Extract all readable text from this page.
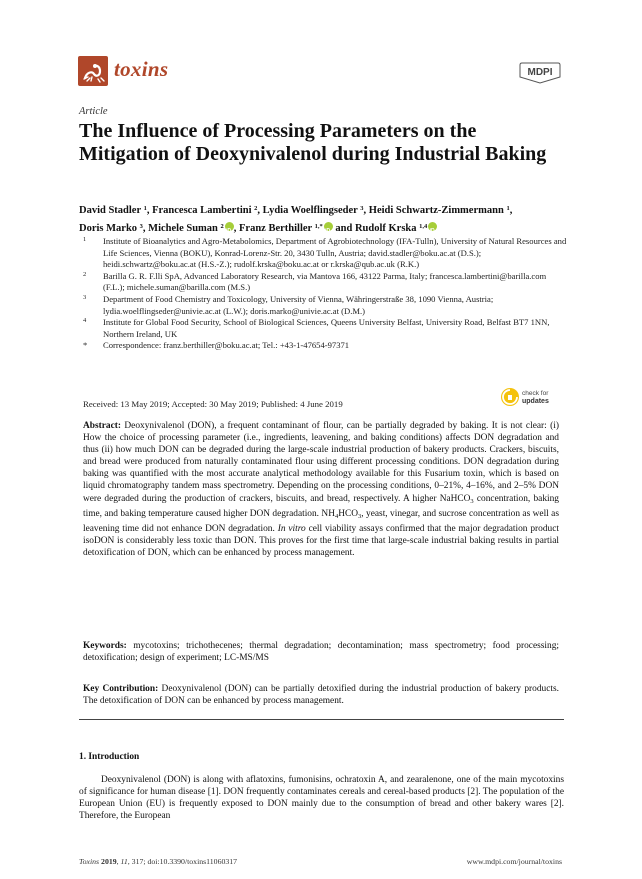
toxins	MDPI
Article
The Influence of Processing Parameters on the Mitigation of Deoxynivalenol during Industrial Baking
David Stadler $^1$, Francesca Lambertini $^2$, Lydia Woelflingseder $^3$, Heidi Schwartz-Zimmermann $^1$,
Doris Marko $^3$, Michele Suman $^2$iD , Franz Berthiller $^{1,*}$iD and Rudolf Krska $^{1,4}$iD
1 Institute of Bioanalytics and Agro-Metabolomics, Department of Agrobiotechnology (IFA-Tulln), University of Natural Resources and Life Sciences, Vienna (BOKU), Konrad-Lorenz-Str. 20, 3430 Tulln, Austria; david.stadler@boku.ac.at (D.S.); heidi.schwartz@boku.ac.at (H.S.-Z.); rudolf.krska@boku.ac.at or r.krska@qub.ac.uk (R.K.)
2 Barilla G. R. F.lli SpA, Advanced Laboratory Research, via Mantova 166, 43122 Parma, Italy; francesca.lambertini@barilla.com (F.L.); michele.suman@barilla.com (M.S.)
3 Department of Food Chemistry and Toxicology, University of Vienna, Währingerstraße 38, 1090 Vienna, Austria; lydia.woelflingseder@univie.ac.at (L.W.); doris.marko@univie.ac.at (D.M.)
4 Institute for Global Food Security, School of Biological Sciences, Queens University Belfast, University Road, Belfast BT7 1NN, Northern Ireland, UK
* Correspondence: franz.berthiller@boku.ac.at; Tel.: +43-1-47654-97371
check for
updates
Received: 13 May 2019; Accepted: 30 May 2019; Published: 4 June 2019
Abstract: Deoxynivalenol (DON), a frequent contaminant of flour, can be partially degraded by baking. It is not clear: (i) How the choice of processing parameter (i.e., ingredients, leavening, and baking conditions) affects DON degradation and thus (ii) how much DON can be degraded during the large-scale industrial production of bakery products. Crackers, biscuits, and bread were produced from naturally contaminated flour using different processing conditions. DON degradation during baking was quantified with the most accurate analytical methodology available for this Fusarium toxin, which is based on liquid chromatography tandem mass spectrometry. Depending on the processing conditions, 0–21%, 4–16%, and 2–5% DON were degraded during the production of crackers, biscuits, and bread, respectively. A higher NaHCO$_3$ concentration, baking time, and baking temperature caused higher DON degradation. $NH_4HCO_3$, yeast, vinegar, and sucrose concentration as well as leavening time did not enhance DON degradation. In vitro cell viability assays confirmed that the major degradation product isoDON is considerably less toxic than DON. This proves for the first time that large-scale industrial baking results in partial detoxification of DON, which can be enhanced by process management.
Keywords: mycotoxins; trichothecenes; thermal degradation; decontamination; mass spectrometry; food processing; detoxification; design of experiment; LC-MS/MS
Key Contribution: Deoxynivalenol (DON) can be partially detoxified during the industrial production of bakery products. The detoxification of DON can be enhanced by process management.
1. Introduction
Deoxynivalenol (DON) is along with aflatoxins, fumonisins, ochratoxin A, and zearalenone, one of the main mycotoxins of significance for human disease [1]. DON frequently contaminates cereals and cereal-based products [2]. The population of the European Union (EU) is frequently exposed to DON mainly due to the consumption of bread and other bakery wares [2]. Therefore, the European
Toxins 2019, 11, 317; doi:10.3390/toxins11060317	www.mdpi.com/journal/toxins
